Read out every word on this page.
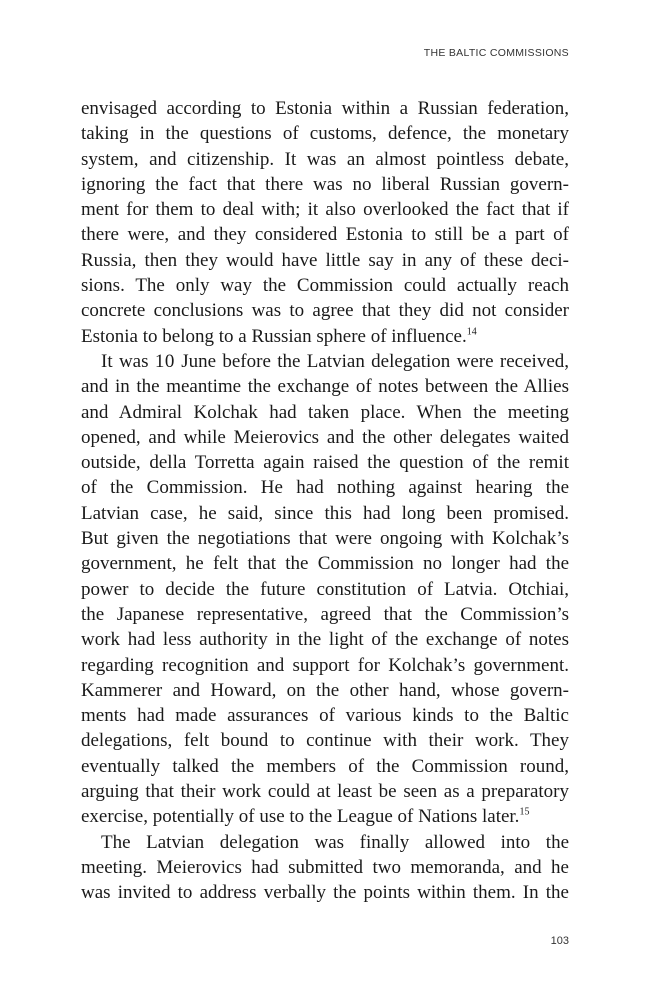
THE BALTIC COMMISSIONS
envisaged according to Estonia within a Russian federation,
taking in the questions of customs, defence, the monetary
system, and citizenship. It was an almost pointless debate,
ignoring the fact that there was no liberal Russian govern-
ment for them to deal with; it also overlooked the fact that if
there were, and they considered Estonia to still be a part of
Russia, then they would have little say in any of these deci-
sions. The only way the Commission could actually reach
concrete conclusions was to agree that they did not consider
Estonia to belong to a Russian sphere of influence.$^{14}$
It was 10 June before the Latvian delegation were received,
and in the meantime the exchange of notes between the Allies
and Admiral Kolchak had taken place. When the meeting
opened, and while Meierovics and the other delegates waited
outside, della Torretta again raised the question of the remit
of the Commission. He had nothing against hearing the
Latvian case, he said, since this had long been promised.
But given the negotiations that were ongoing with Kolchak’s
government, he felt that the Commission no longer had the
power to decide the future constitution of Latvia. Otchiai,
the Japanese representative, agreed that the Commission’s
work had less authority in the light of the exchange of notes
regarding recognition and support for Kolchak’s government.
Kammerer and Howard, on the other hand, whose govern-
ments had made assurances of various kinds to the Baltic
delegations, felt bound to continue with their work. They
eventually talked the members of the Commission round,
arguing that their work could at least be seen as a preparatory
exercise, potentially of use to the League of Nations later.$^{15}$
The Latvian delegation was finally allowed into the
meeting. Meierovics had submitted two memoranda, and he
was invited to address verbally the points within them. In the
103
